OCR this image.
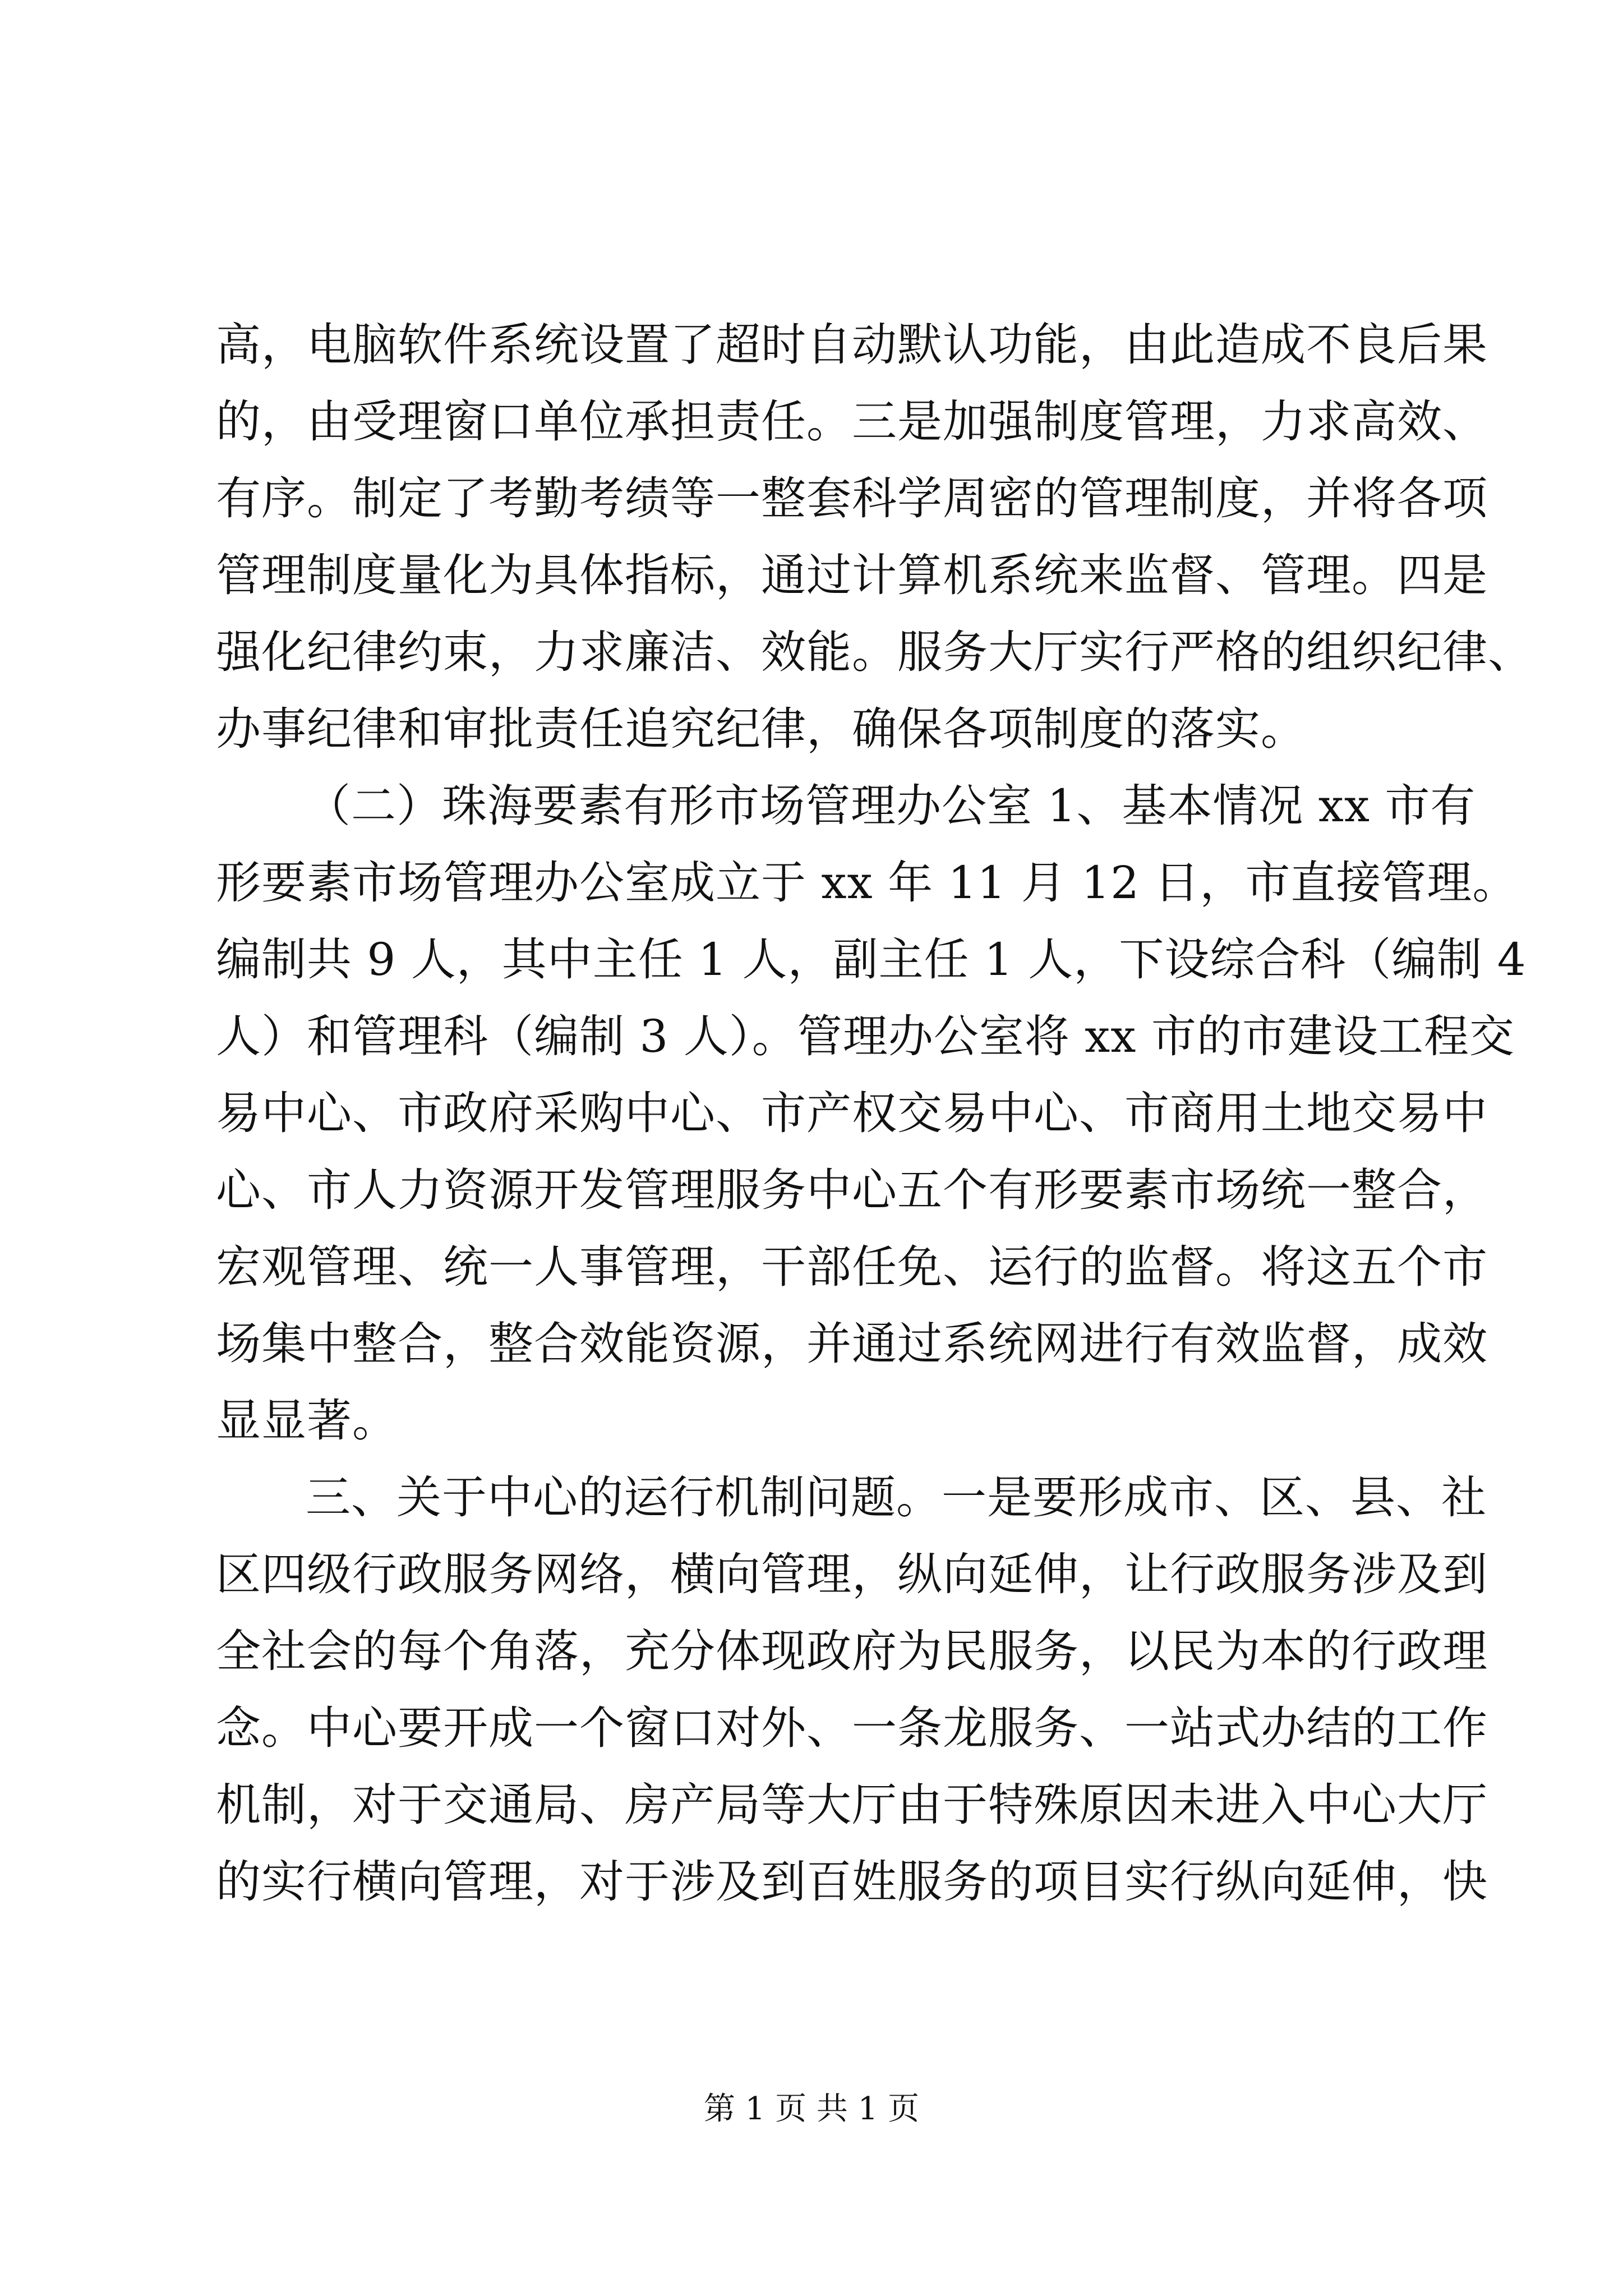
高，电脑软件系统设置了超时自动默认功能，由此造成不良后果
的，由受理窗口单位承担责任。三是加强制度管理，力求高效、
有序。制定了考勤考绩等一整套科学周密的管理制度，并将各项
管理制度量化为具体指标，通过计算机系统来监督、管理。四是
强化纪律约束，力求廉洁、效能。服务大厅实行严格的组织纪律、
办事纪律和审批责任追究纪律，确保各项制度的落实。
（二）珠海要素有形市场管理办公室 1、基本情况 xx 市有
形要素市场管理办公室成立于 xx 年 11 月 12 日，市直接管理。
编制共 9 人，其中主任 1 人，副主任 1 人，下设综合科（编制 4
人）和管理科（编制 3 人）。管理办公室将 xx 市的市建设工程交
易中心、市政府采购中心、市产权交易中心、市商用土地交易中
心、市人力资源开发管理服务中心五个有形要素市场统一整合，
宏观管理、统一人事管理，干部任免、运行的监督。将这五个市
场集中整合，整合效能资源，并通过系统网进行有效监督，成效
显显著。
三、关于中心的运行机制问题。一是要形成市、区、县、社
区四级行政服务网络，横向管理，纵向延伸，让行政服务涉及到
全社会的每个角落，充分体现政府为民服务，以民为本的行政理
念。中心要开成一个窗口对外、一条龙服务、一站式办结的工作
机制，对于交通局、房产局等大厅由于特殊原因未进入中心大厅
的实行横向管理，对于涉及到百姓服务的项目实行纵向延伸，快
第 1 页 共 1 页
